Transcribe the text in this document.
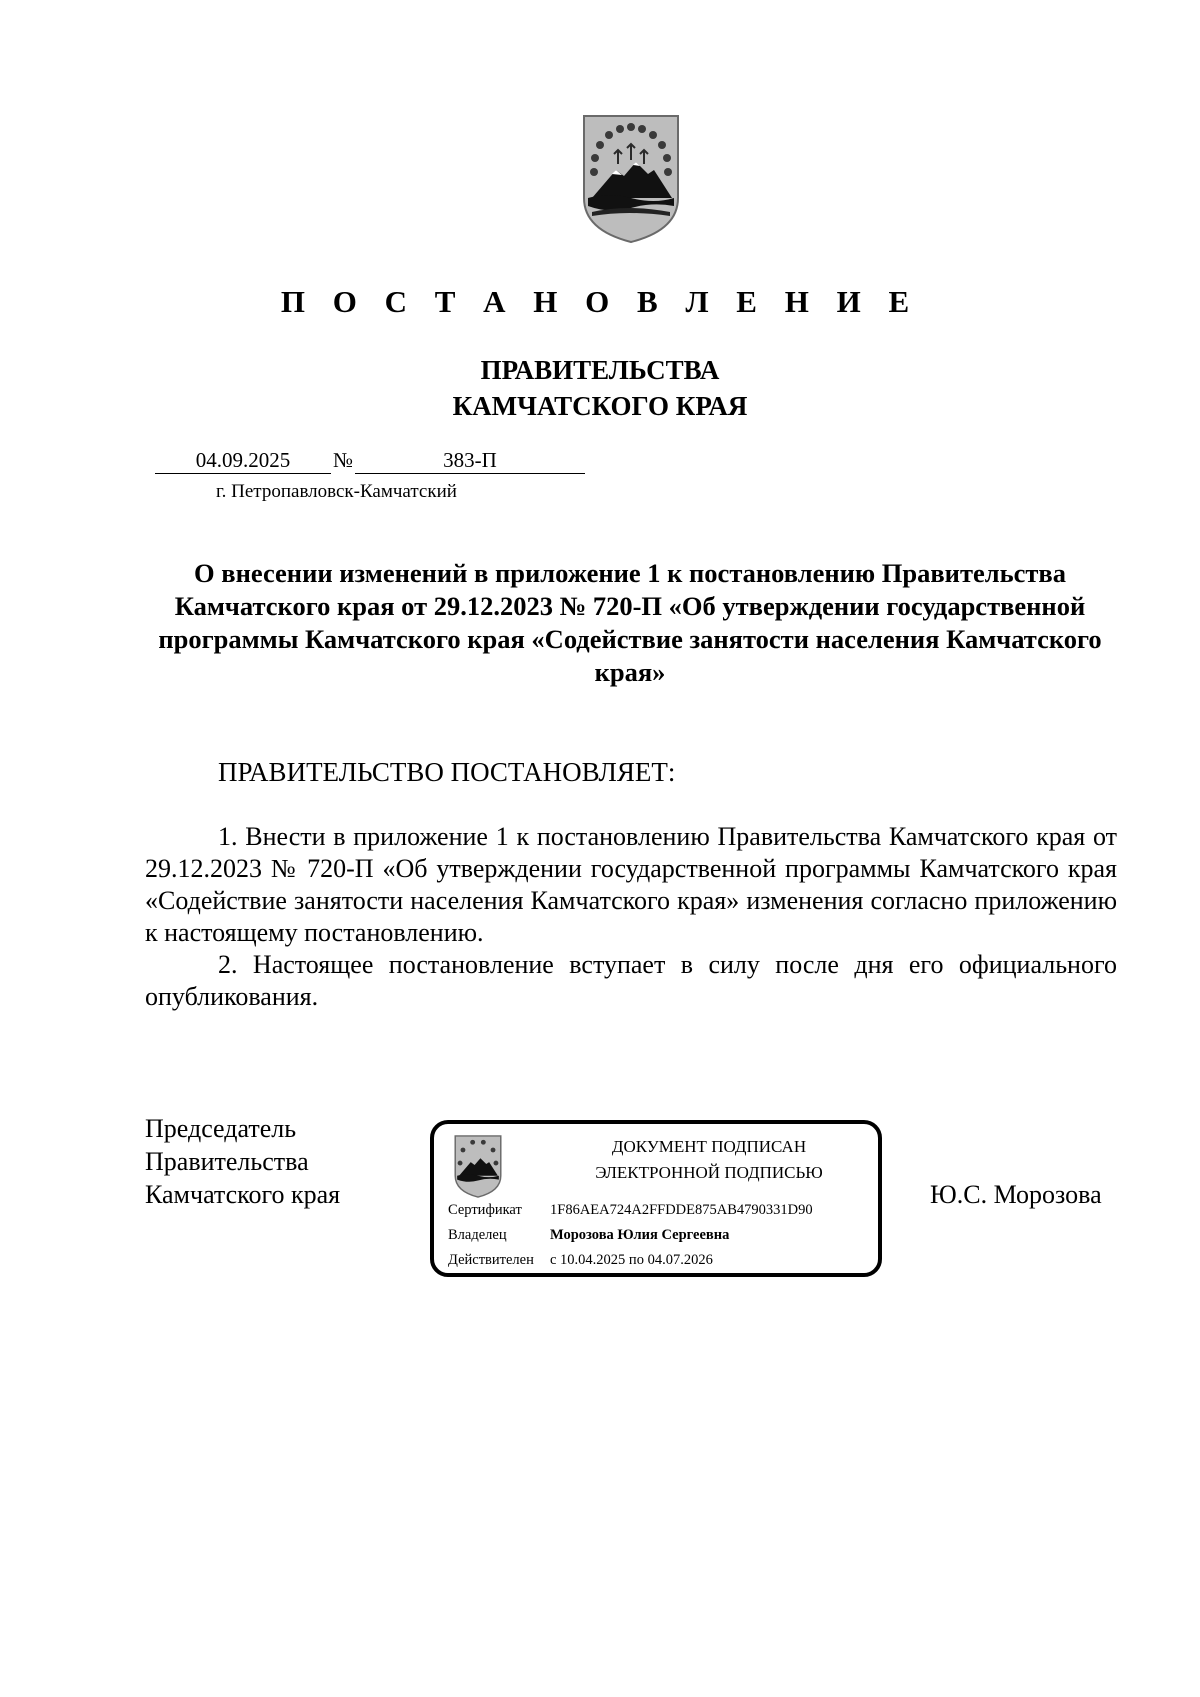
П О С Т А Н О В Л Е Н И Е
ПРАВИТЕЛЬСТВА
КАМЧАТСКОГО КРАЯ
04.09.2025	№	383-П
г. Петропавловск-Камчатский
О внесении изменений в приложение 1 к постановлению Правительства Камчатского края от 29.12.2023 № 720-П «Об утверждении государственной программы Камчатского края «Содействие занятости населения Камчатского края»
ПРАВИТЕЛЬСТВО ПОСТАНОВЛЯЕТ:

1. Внести в приложение 1 к постановлению Правительства Камчатского края от 29.12.2023 № 720-П «Об утверждении государственной программы Камчатского края «Содействие занятости населения Камчатского края» изменения согласно приложению к настоящему постановлению.

2. Настоящее постановление вступает в силу после дня его официального опубликования.

Председатель
Правительства
Камчатского края
ДОКУМЕНТ ПОДПИСАН
ЭЛЕКТРОННОЙ ПОДПИСЬЮ
Сертификат 1F86AEA724A2FFDDE875AB4790331D90
Владелец	Морозова Юлия Сергеевна
Действителен с 10.04.2025 по 04.07.2026
Ю.С. Морозова
